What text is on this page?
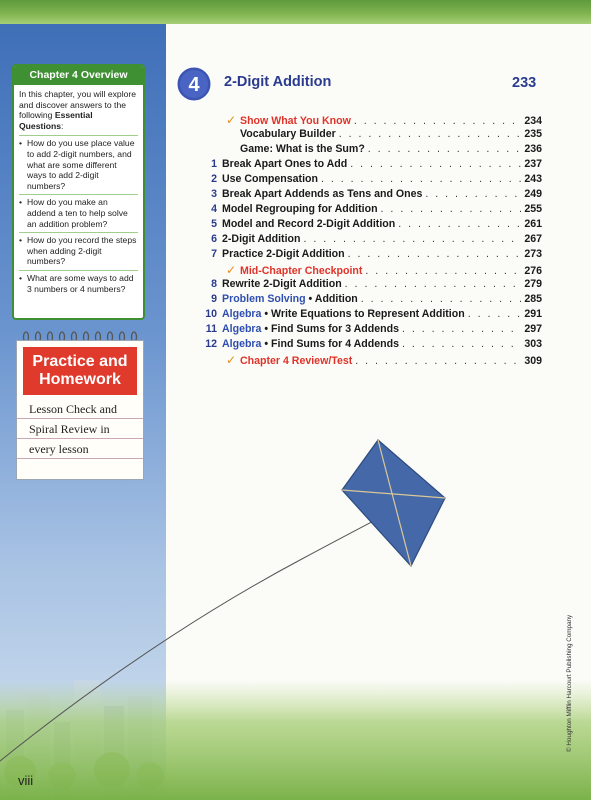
Chapter 4 Overview
In this chapter, you will explore and discover answers to the following Essential Questions:
• How do you use place value to add 2-digit numbers, and what are some different ways to add 2-digit numbers?
• How do you make an addend a ten to help solve an addition problem?
• How do you record the steps when adding 2-digit numbers?
• What are some ways to add 3 numbers or 4 numbers?
Practice and Homework
Lesson Check and Spiral Review in every lesson
viii
4 2-Digit Addition	233
✓ Show What You Know . . .	234
Vocabulary Builder . . .	235
Game: What is the Sum? . . .	236
1 Break Apart Ones to Add . . .	237
2 Use Compensation . . .	243
3 Break Apart Addends as Tens and Ones . . .	249
4 Model Regrouping for Addition . . .	255
5 Model and Record 2-Digit Addition . . .	261
6 2-Digit Addition . . .	267
7 Practice 2-Digit Addition . . .	273
✓ Mid-Chapter Checkpoint . . .	276
8 Rewrite 2-Digit Addition . . .	279
9 Problem Solving • Addition . . .	285
10 Algebra • Write Equations to Represent Addition . . .	291
11 Algebra • Find Sums for 3 Addends . . .	297
12 Algebra • Find Sums for 4 Addends . . .	303
✓ Chapter 4 Review/Test . . .	309
© Houghton Mifflin Harcourt Publishing Company
